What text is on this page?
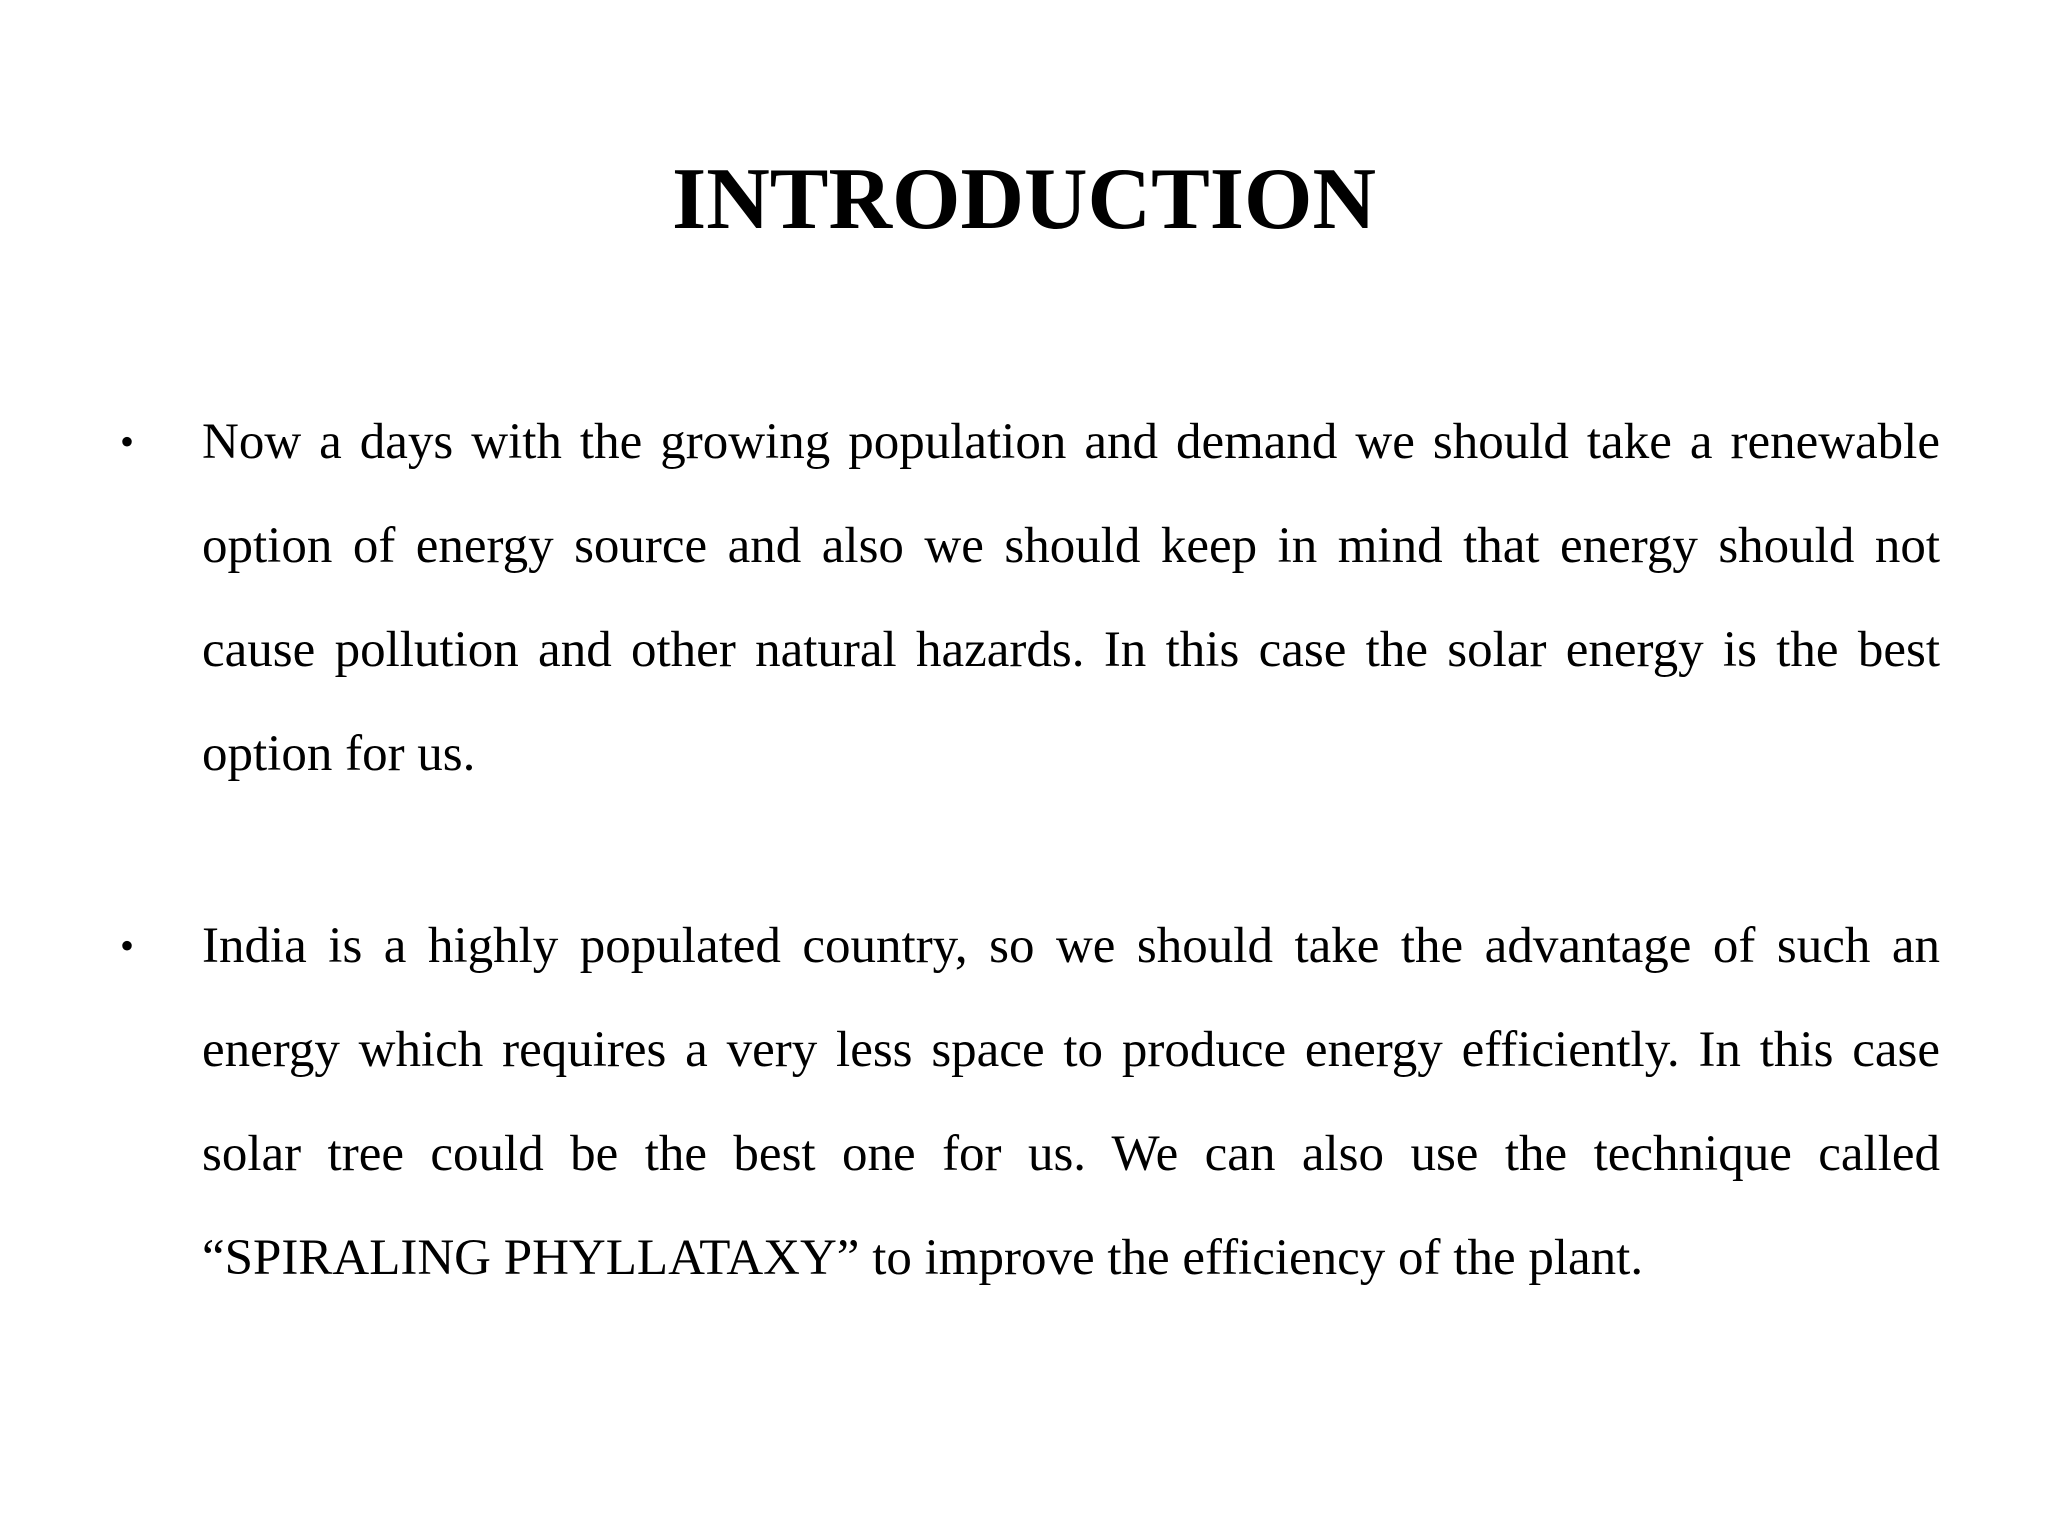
INTRODUCTION
• Now a days with the growing population and demand we should take a renewable option of energy source and also we should keep in mind that energy should not cause pollution and other natural hazards. In this case the solar energy is the best option for us.
• India is a highly populated country, so we should take the advantage of such an energy which requires a very less space to produce energy efficiently. In this case solar tree could be the best one for us. We can also use the technique called “SPIRALING PHYLLATAXY” to improve the efficiency of the plant.
